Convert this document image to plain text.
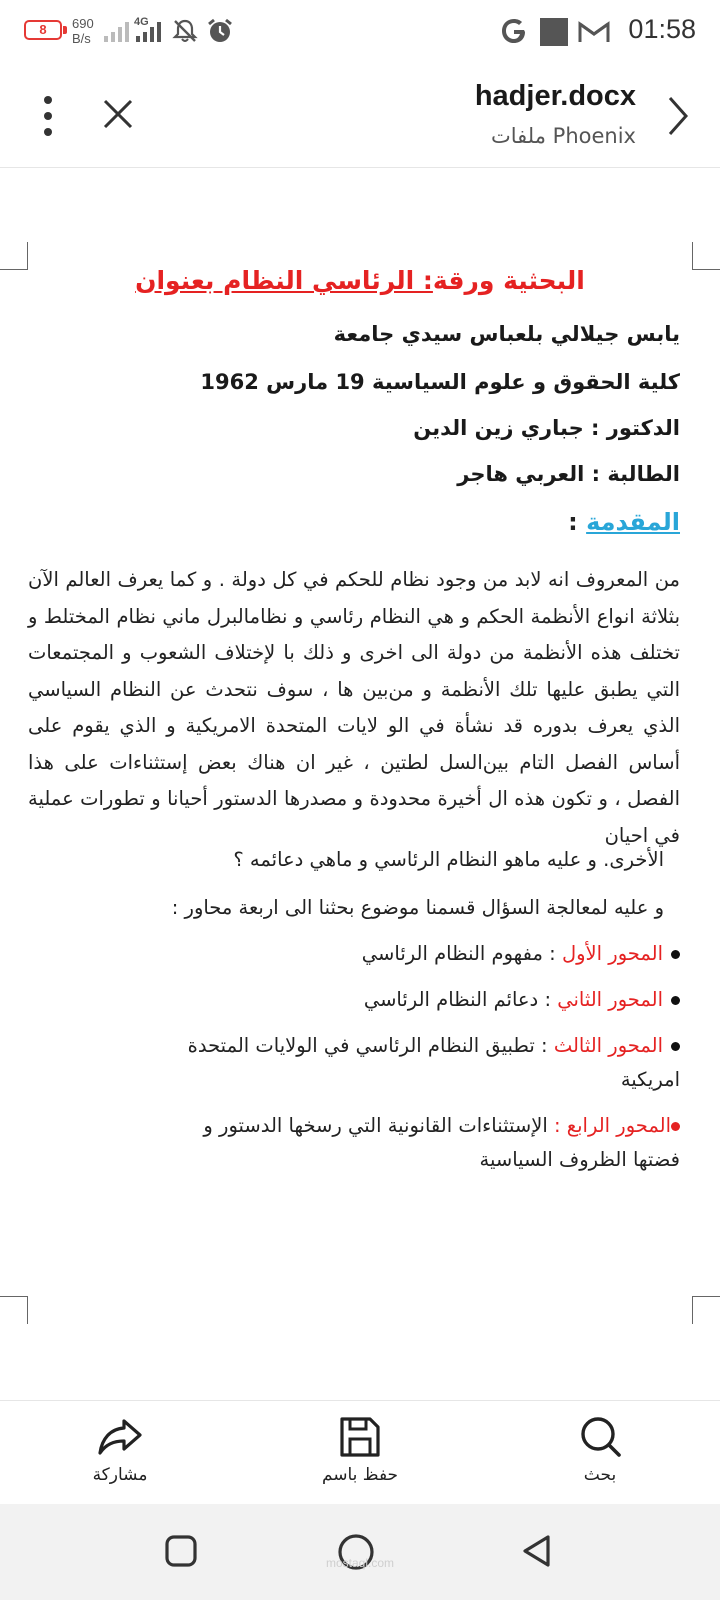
8	690
B/s
4G	01:58
hadjer.docx
ملفات Phoenix
البحثية ورقة: الرئاسي النظام بعنوان
يابس جيلالي بلعباس سيدي جامعة
كلية الحقوق و علوم السياسية 19 مارس 1962
الدكتور : جباري زين الدين
الطالبة : العربي هاجر
المقدمة :
من المعروف انه لابد من وجود نظام للحكم في كل دولة . و كما يعرف العالم الآن بثلاثة انواع الأنظمة الحكم و هي النظام رئاسي و نظامالبرل ماني نظام المختلط و تختلف هذه الأنظمة من دولة الى اخرى و ذلك با لإختلاف الشعوب و المجتمعات التي يطبق عليها تلك الأنظمة و من‌بين ها ، سوف نتحدث عن النظام السياسي الذي يعرف بدوره قد نشأة في الو لايات المتحدة الامريكية و الذي يقوم على أساس الفصل التام بين‌السل لطتين ، غير ان هناك بعض إستثناءات على هذا الفصل ، و تكون هذه ال أخيرة محدودة و مصدرها الدستور أحيانا و تطورات عملية في احيان
الأخرى. و عليه ماهو النظام الرئاسي و ماهي دعائمه ؟
و عليه لمعالجة السؤال قسمنا موضوع بحثنا الى اربعة محاور :
المحور الأول : مفهوم النظام الرئاسي
المحور الثاني : دعائم النظام الرئاسي
المحور الثالث : تطبيق النظام الرئاسي في الولايات المتحدة
امريكية
المحور الرابع : الإستثناءات القانونية التي رسخها الدستور و
فضتها الظروف السياسية
مشاركة	حفظ باسم	بحث
mostaql.com
